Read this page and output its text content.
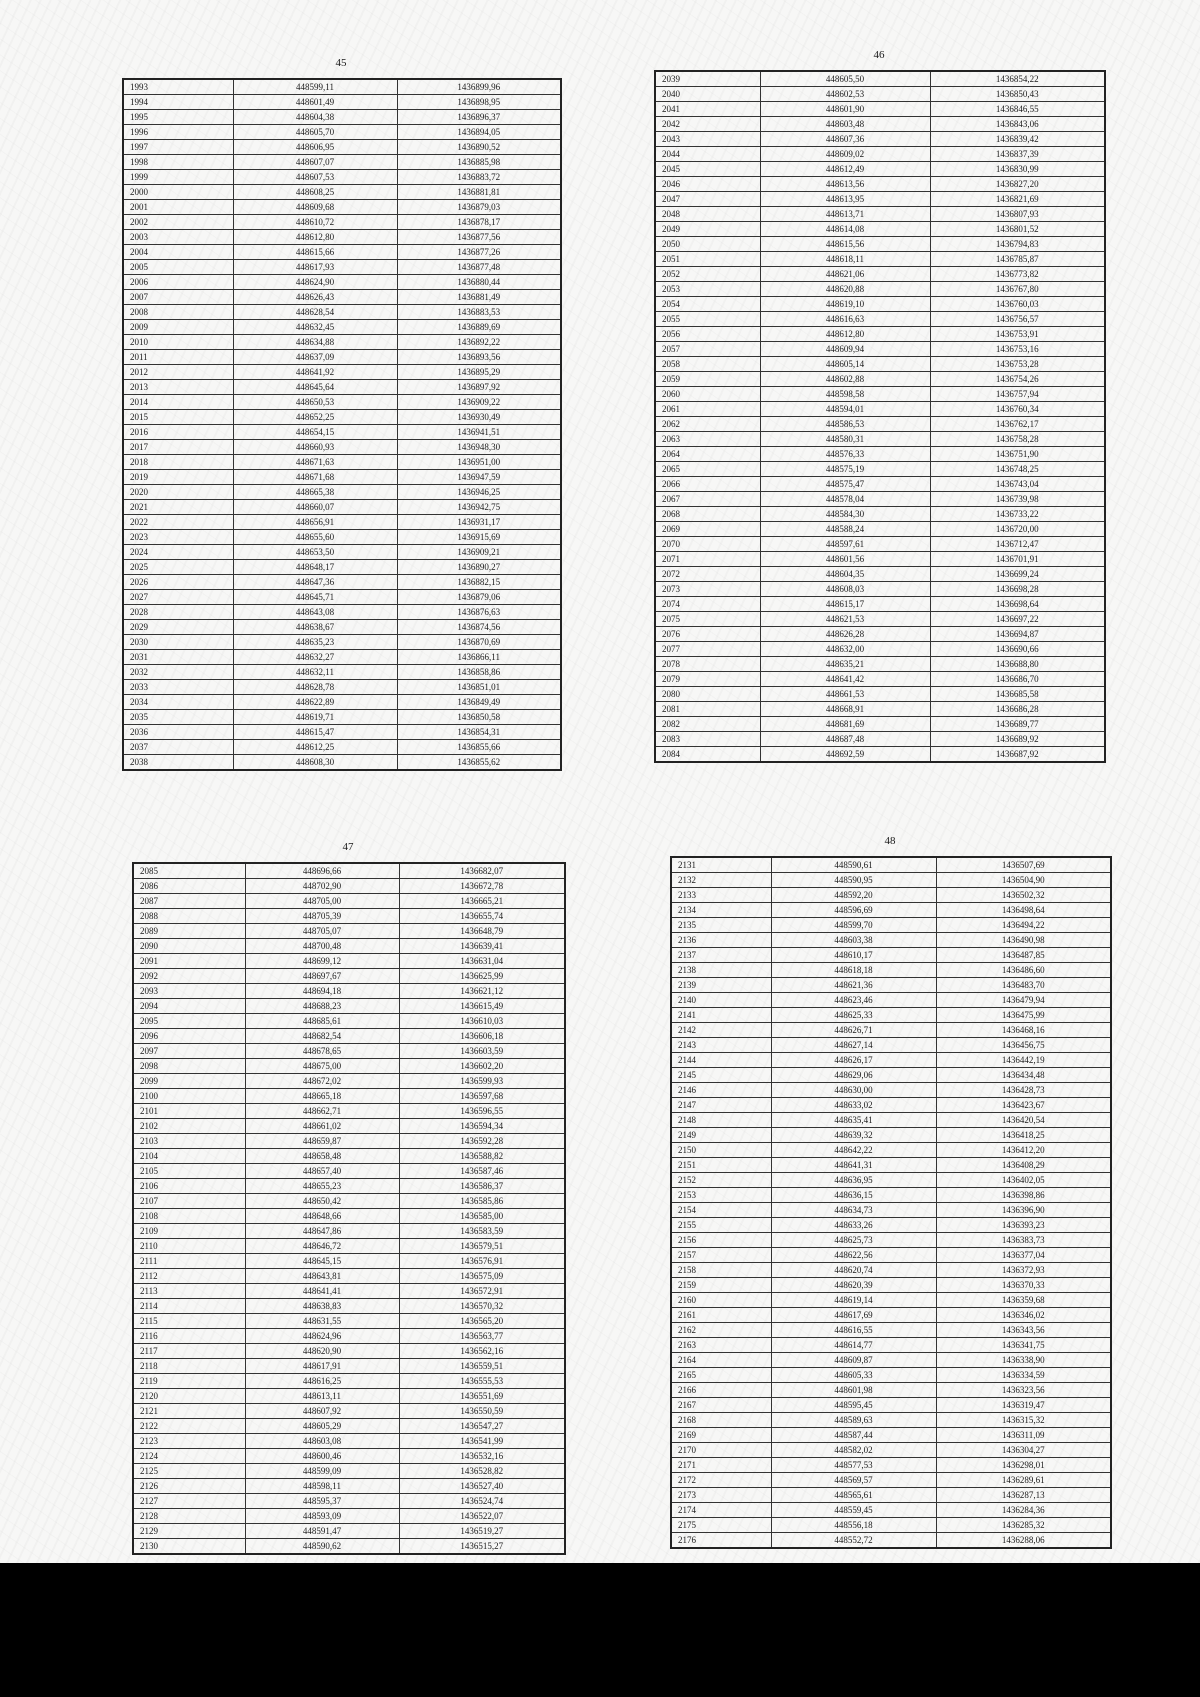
45
1993	448599,11	1436899,96
1994	448601,49	1436898,95
1995	448604,38	1436896,37
1996	448605,70	1436894,05
1997	448606,95	1436890,52
1998	448607,07	1436885,98
1999	448607,53	1436883,72
2000	448608,25	1436881,81
2001	448609,68	1436879,03
2002	448610,72	1436878,17
2003	448612,80	1436877,56
2004	448615,66	1436877,26
2005	448617,93	1436877,48
2006	448624,90	1436880,44
2007	448626,43	1436881,49
2008	448628,54	1436883,53
2009	448632,45	1436889,69
2010	448634,88	1436892,22
2011	448637,09	1436893,56
2012	448641,92	1436895,29
2013	448645,64	1436897,92
2014	448650,53	1436909,22
2015	448652,25	1436930,49
2016	448654,15	1436941,51
2017	448660,93	1436948,30
2018	448671,63	1436951,00
2019	448671,68	1436947,59
2020	448665,38	1436946,25
2021	448660,07	1436942,75
2022	448656,91	1436931,17
2023	448655,60	1436915,69
2024	448653,50	1436909,21
2025	448648,17	1436890,27
2026	448647,36	1436882,15
2027	448645,71	1436879,06
2028	448643,08	1436876,63
2029	448638,67	1436874,56
2030	448635,23	1436870,69
2031	448632,27	1436866,11
2032	448632,11	1436858,86
2033	448628,78	1436851,01
2034	448622,89	1436849,49
2035	448619,71	1436850,58
2036	448615,47	1436854,31
2037	448612,25	1436855,66
2038	448608,30	1436855,62
46
2039	448605,50	1436854,22
2040	448602,53	1436850,43
2041	448601,90	1436846,55
2042	448603,48	1436843,06
2043	448607,36	1436839,42
2044	448609,02	1436837,39
2045	448612,49	1436830,99
2046	448613,56	1436827,20
2047	448613,95	1436821,69
2048	448613,71	1436807,93
2049	448614,08	1436801,52
2050	448615,56	1436794,83
2051	448618,11	1436785,87
2052	448621,06	1436773,82
2053	448620,88	1436767,80
2054	448619,10	1436760,03
2055	448616,63	1436756,57
2056	448612,80	1436753,91
2057	448609,94	1436753,16
2058	448605,14	1436753,28
2059	448602,88	1436754,26
2060	448598,58	1436757,94
2061	448594,01	1436760,34
2062	448586,53	1436762,17
2063	448580,31	1436758,28
2064	448576,33	1436751,90
2065	448575,19	1436748,25
2066	448575,47	1436743,04
2067	448578,04	1436739,98
2068	448584,30	1436733,22
2069	448588,24	1436720,00
2070	448597,61	1436712,47
2071	448601,56	1436701,91
2072	448604,35	1436699,24
2073	448608,03	1436698,28
2074	448615,17	1436698,64
2075	448621,53	1436697,22
2076	448626,28	1436694,87
2077	448632,00	1436690,66
2078	448635,21	1436688,80
2079	448641,42	1436686,70
2080	448661,53	1436685,58
2081	448668,91	1436686,28
2082	448681,69	1436689,77
2083	448687,48	1436689,92
2084	448692,59	1436687,92
47
2085	448696,66	1436682,07
2086	448702,90	1436672,78
2087	448705,00	1436665,21
2088	448705,39	1436655,74
2089	448705,07	1436648,79
2090	448700,48	1436639,41
2091	448699,12	1436631,04
2092	448697,67	1436625,99
2093	448694,18	1436621,12
2094	448688,23	1436615,49
2095	448685,61	1436610,03
2096	448682,54	1436606,18
2097	448678,65	1436603,59
2098	448675,00	1436602,20
2099	448672,02	1436599,93
2100	448665,18	1436597,68
2101	448662,71	1436596,55
2102	448661,02	1436594,34
2103	448659,87	1436592,28
2104	448658,48	1436588,82
2105	448657,40	1436587,46
2106	448655,23	1436586,37
2107	448650,42	1436585,86
2108	448648,66	1436585,00
2109	448647,86	1436583,59
2110	448646,72	1436579,51
2111	448645,15	1436576,91
2112	448643,81	1436575,09
2113	448641,41	1436572,91
2114	448638,83	1436570,32
2115	448631,55	1436565,20
2116	448624,96	1436563,77
2117	448620,90	1436562,16
2118	448617,91	1436559,51
2119	448616,25	1436555,53
2120	448613,11	1436551,69
2121	448607,92	1436550,59
2122	448605,29	1436547,27
2123	448603,08	1436541,99
2124	448600,46	1436532,16
2125	448599,09	1436528,82
2126	448598,11	1436527,40
2127	448595,37	1436524,74
2128	448593,09	1436522,07
2129	448591,47	1436519,27
2130	448590,62	1436515,27
48
2131	448590,61	1436507,69
2132	448590,95	1436504,90
2133	448592,20	1436502,32
2134	448596,69	1436498,64
2135	448599,70	1436494,22
2136	448603,38	1436490,98
2137	448610,17	1436487,85
2138	448618,18	1436486,60
2139	448621,36	1436483,70
2140	448623,46	1436479,94
2141	448625,33	1436475,99
2142	448626,71	1436468,16
2143	448627,14	1436456,75
2144	448626,17	1436442,19
2145	448629,06	1436434,48
2146	448630,00	1436428,73
2147	448633,02	1436423,67
2148	448635,41	1436420,54
2149	448639,32	1436418,25
2150	448642,22	1436412,20
2151	448641,31	1436408,29
2152	448636,95	1436402,05
2153	448636,15	1436398,86
2154	448634,73	1436396,90
2155	448633,26	1436393,23
2156	448625,73	1436383,73
2157	448622,56	1436377,04
2158	448620,74	1436372,93
2159	448620,39	1436370,33
2160	448619,14	1436359,68
2161	448617,69	1436346,02
2162	448616,55	1436343,56
2163	448614,77	1436341,75
2164	448609,87	1436338,90
2165	448605,33	1436334,59
2166	448601,98	1436323,56
2167	448595,45	1436319,47
2168	448589,63	1436315,32
2169	448587,44	1436311,09
2170	448582,02	1436304,27
2171	448577,53	1436298,01
2172	448569,57	1436289,61
2173	448565,61	1436287,13
2174	448559,45	1436284,36
2175	448556,18	1436285,32
2176	448552,72	1436288,06
